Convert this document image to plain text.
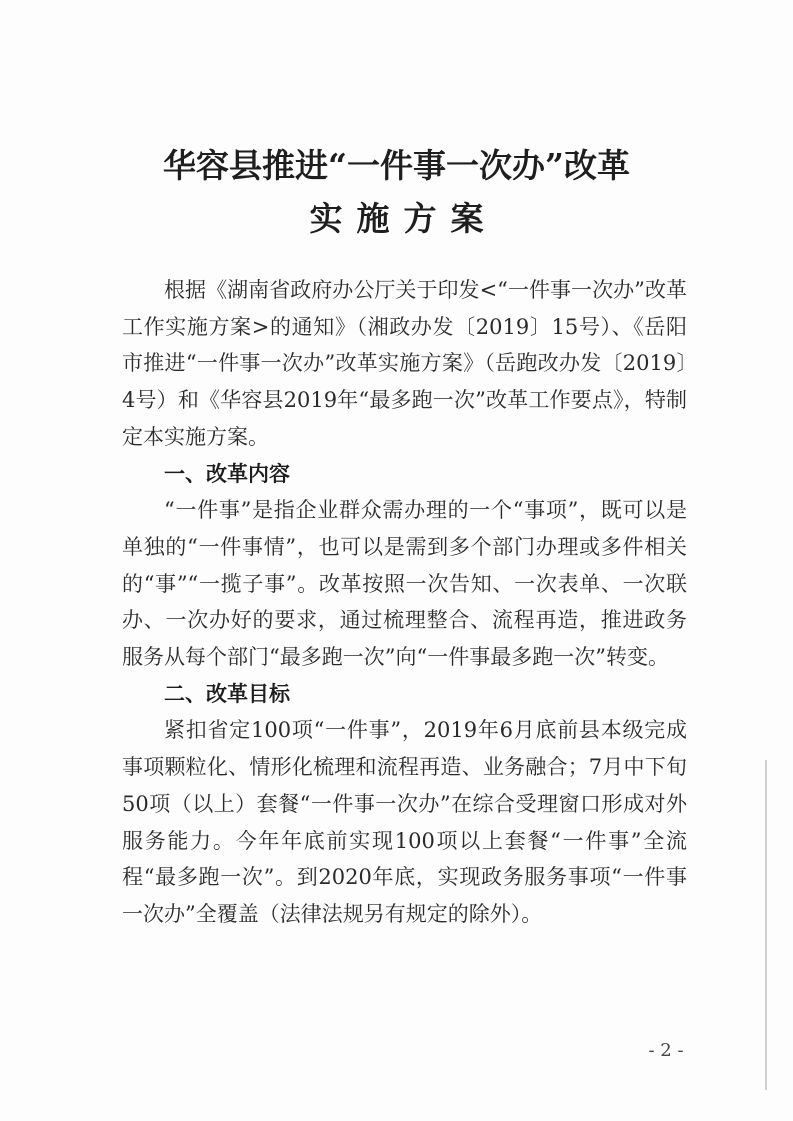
华容县推进“一件事一次办”改革
实施方案

根据《湖南省政府办公厅关于印发<“一件事一次办”改革工作实施方案>的通知》（湘政办发〔2019〕15号）、《岳阳市推进“一件事一次办”改革实施方案》（岳跑改办发〔2019〕4号）和《华容县2019年“最多跑一次”改革工作要点》，特制定本实施方案。

一、改革内容

“一件事”是指企业群众需办理的一个“事项”，既可以是单独的“一件事情”，也可以是需到多个部门办理或多件相关的“事”“一揽子事”。改革按照一次告知、一次表单、一次联办、一次办好的要求，通过梳理整合、流程再造，推进政务服务从每个部门“最多跑一次”向“一件事最多跑一次”转变。

二、改革目标

紧扣省定100项“一件事”，2019年6月底前县本级完成事项颗粒化、情形化梳理和流程再造、业务融合；7月中下旬50项（以上）套餐“一件事一次办”在综合受理窗口形成对外服务能力。今年年底前实现100项以上套餐“一件事”全流程“最多跑一次”。到2020年底，实现政务服务事项“一件事一次办”全覆盖（法律法规另有规定的除外）。

- 2 -
